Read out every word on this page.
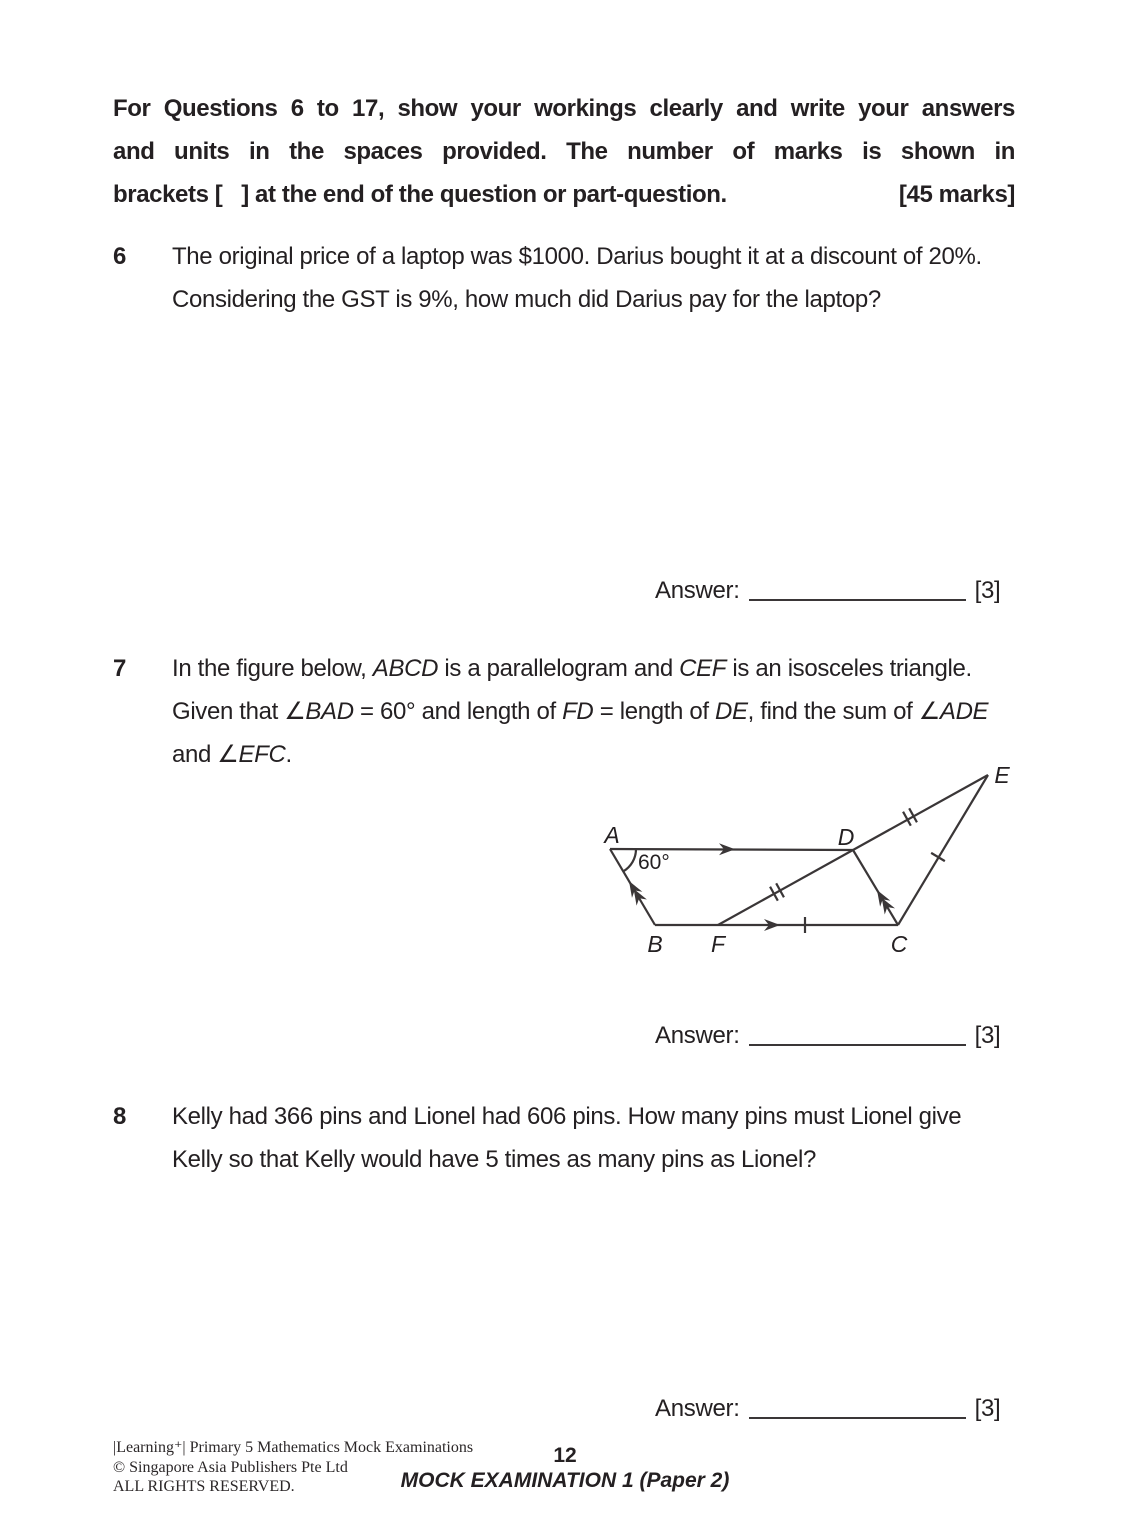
For Questions 6 to 17, show your workings clearly and write your answers
and units in the spaces provided. The number of marks is shown in
brackets [   ] at the end of the question or part-question.	[45 marks]
6	The original price of a laptop was $1000. Darius bought it at a discount of 20%.
Considering the GST is 9%, how much did Darius pay for the laptop?
Answer:	[3]
7	In the figure below, ABCD is a parallelogram and CEF is an isosceles triangle.
Given that ∠BAD = 60° and length of FD = length of DE, find the sum of ∠ADE
and ∠EFC.
A
B	C
D
E
F
60°
Answer:	[3]
8	Kelly had 366 pins and Lionel had 606 pins. How many pins must Lionel give
Kelly so that Kelly would have 5 times as many pins as Lionel?
Answer:	[3]
|Learning⁺| Primary 5 Mathematics Mock Examinations
© Singapore Asia Publishers Pte Ltd
ALL RIGHTS RESERVED.
12
MOCK EXAMINATION 1 (Paper 2)
